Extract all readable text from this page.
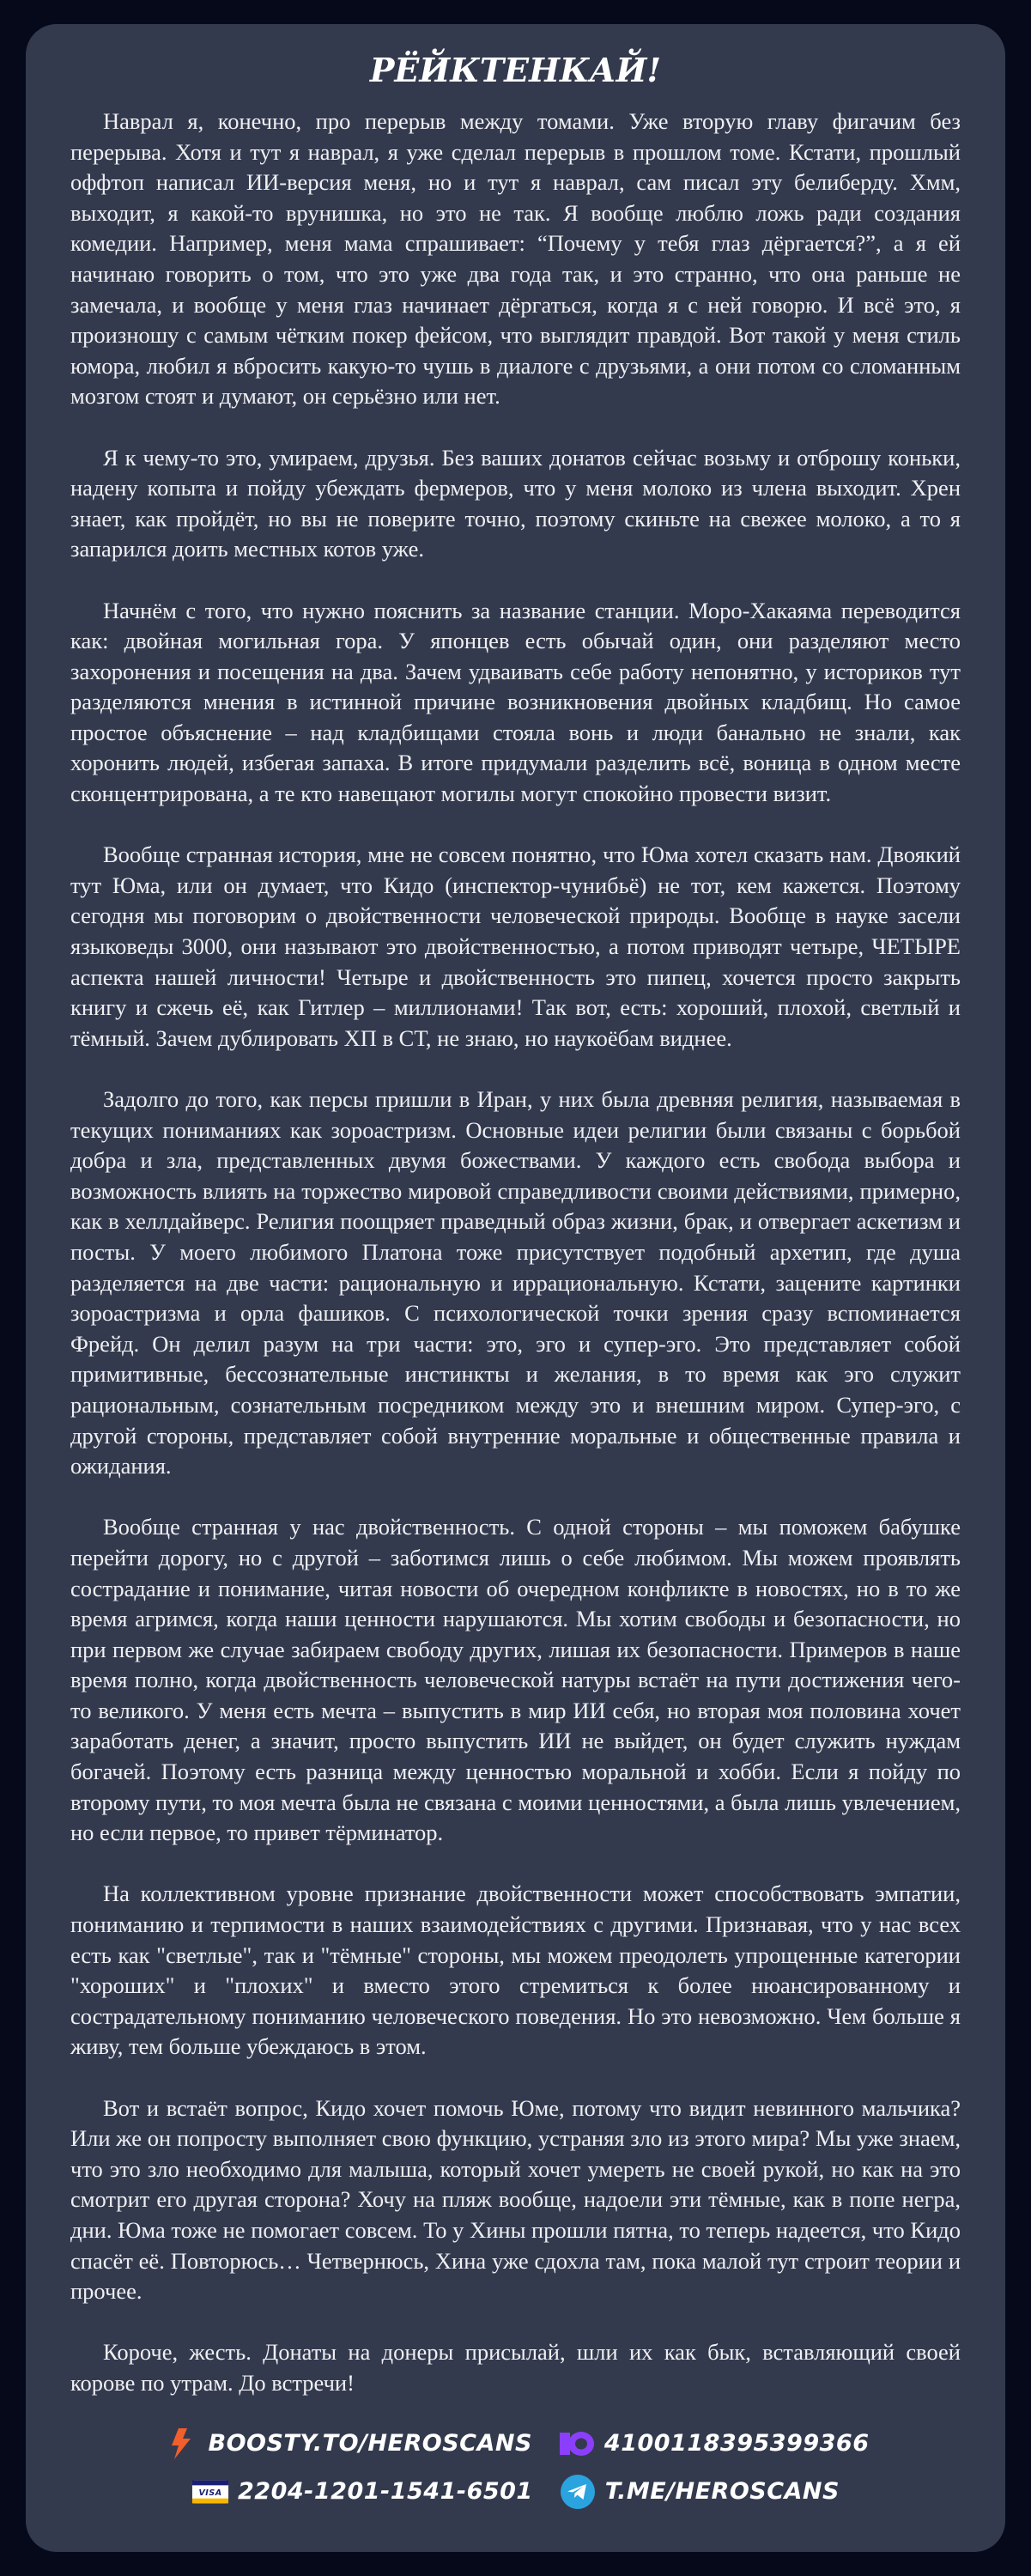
РЁЙКТЕНКАЙ!

Наврал я, конечно, про перерыв между томами. Уже вторую главу фигачим без перерыва. Хотя и тут я наврал, я уже сделал перерыв в прошлом томе. Кстати, прошлый оффтоп написал ИИ-версия меня, но и тут я наврал, сам писал эту белиберду. Хмм, выходит, я какой-то врунишка, но это не так. Я вообще люблю ложь ради создания комедии. Например, меня мама спрашивает: “Почему у тебя глаз дёргается?”, а я ей начинаю говорить о том, что это уже два года так, и это странно, что она раньше не замечала, и вообще у меня глаз начинает дёргаться, когда я с ней говорю. И всё это, я произношу с самым чётким покер фейсом, что выглядит правдой. Вот такой у меня стиль юмора, любил я вбросить какую-то чушь в диалоге с друзьями, а они потом со сломанным мозгом стоят и думают, он серьёзно или нет.

Я к чему-то это, умираем, друзья. Без ваших донатов сейчас возьму и отброшу коньки, надену копыта и пойду убеждать фермеров, что у меня молоко из члена выходит. Хрен знает, как пройдёт, но вы не поверите точно, поэтому скиньте на свежее молоко, а то я запарился доить местных котов уже.

Начнём с того, что нужно пояснить за название станции. Моро-Хакаяма переводится как: двойная могильная гора. У японцев есть обычай один, они разделяют место захоронения и посещения на два. Зачем удваивать себе работу непонятно, у историков тут разделяются мнения в истинной причине возникновения двойных кладбищ. Но самое простое объяснение – над кладбищами стояла вонь и люди банально не знали, как хоронить людей, избегая запаха. В итоге придумали разделить всё, воница в одном месте сконцентрирована, а те кто навещают могилы могут спокойно провести визит.

Вообще странная история, мне не совсем понятно, что Юма хотел сказать нам. Двоякий тут Юма, или он думает, что Кидо (инспектор-чунибьё) не тот, кем кажется. Поэтому сегодня мы поговорим о двойственности человеческой природы. Вообще в науке засели языковеды 3000, они называют это двойственностью, а потом приводят четыре, ЧЕТЫРЕ аспекта нашей личности! Четыре и двойственность это пипец, хочется просто закрыть книгу и сжечь её, как Гитлер – миллионами! Так вот, есть: хороший, плохой, светлый и тёмный. Зачем дублировать ХП в СТ, не знаю, но наукоёбам виднее.

Задолго до того, как персы пришли в Иран, у них была древняя религия, называемая в текущих пониманиях как зороастризм. Основные идеи религии были связаны с борьбой добра и зла, представленных двумя божествами. У каждого есть свобода выбора и возможность влиять на торжество мировой справедливости своими действиями, примерно, как в хеллдайверс. Религия поощряет праведный образ жизни, брак, и отвергает аскетизм и посты. У моего любимого Платона тоже присутствует подобный архетип, где душа разделяется на две части: рациональную и иррациональную. Кстати, зацените картинки зороастризма и орла фашиков. С психологической точки зрения сразу вспоминается Фрейд. Он делил разум на три части: это, эго и супер-эго. Это представляет собой примитивные, бессознательные инстинкты и желания, в то время как эго служит рациональным, сознательным посредником между это и внешним миром. Супер-эго, с другой стороны, представляет собой внутренние моральные и общественные правила и ожидания.

Вообще странная у нас двойственность. С одной стороны – мы поможем бабушке перейти дорогу, но с другой – заботимся лишь о себе любимом. Мы можем проявлять сострадание и понимание, читая новости об очередном конфликте в новостях, но в то же время агримся, когда наши ценности нарушаются. Мы хотим свободы и безопасности, но при первом же случае забираем свободу других, лишая их безопасности. Примеров в наше время полно, когда двойственность человеческой натуры встаёт на пути достижения чего-то великого. У меня есть мечта – выпустить в мир ИИ себя, но вторая моя половина хочет заработать денег, а значит, просто выпустить ИИ не выйдет, он будет служить нуждам богачей. Поэтому есть разница между ценностью моральной и хобби. Если я пойду по второму пути, то моя мечта была не связана с моими ценностями, а была лишь увлечением, но если первое, то привет тёрминатор.

На коллективном уровне признание двойственности может способствовать эмпатии, пониманию и терпимости в наших взаимодействиях с другими. Признавая, что у нас всех есть как "светлые", так и "тёмные" стороны, мы можем преодолеть упрощенные категории "хороших" и "плохих" и вместо этого стремиться к более нюансированному и сострадательному пониманию человеческого поведения. Но это невозможно. Чем больше я живу, тем больше убеждаюсь в этом.

Вот и встаёт вопрос, Кидо хочет помочь Юме, потому что видит невинного мальчика? Или же он попросту выполняет свою функцию, устраняя зло из этого мира? Мы уже знаем, что это зло необходимо для малыша, который хочет умереть не своей рукой, но как на это смотрит его другая сторона? Хочу на пляж вообще, надоели эти тёмные, как в попе негра, дни. Юма тоже не помогает совсем. То у Хины прошли пятна, то теперь надеется, что Кидо спасёт её. Повторюсь… Четвернюсь, Хина уже сдохла там, пока малой тут строит теории и прочее.

Короче, жесть. Донаты на донеры присылай, шли их как бык, вставляющий своей корове по утрам. До встречи!

BOOSTY.TO/HEROSCANS	4100118395399366
VISA 2204-1201-1541-6501	T.ME/HEROSCANS
